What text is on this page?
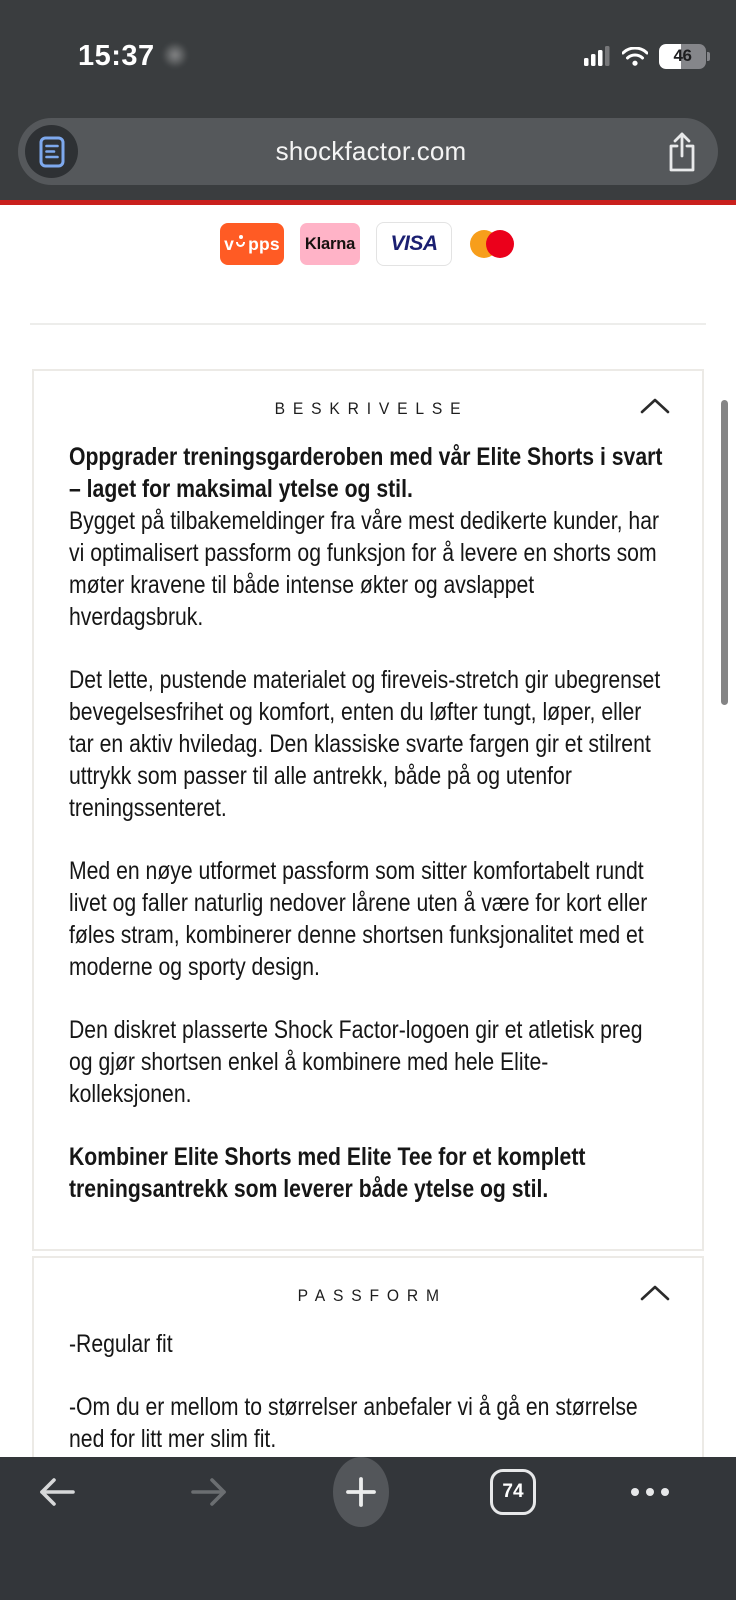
15:37	46
shockfactor.com
v pps Klarna VISA
BESKRIVELSE

Oppgrader treningsgarderoben med vår Elite Shorts i svart – laget for maksimal ytelse og stil.

Bygget på tilbakemeldinger fra våre mest dedikerte kunder, har vi optimalisert passform og funksjon for å levere en shorts som møter kravene til både intense økter og avslappet hverdagsbruk.

Det lette, pustende materialet og fireveis-stretch gir ubegrenset bevegelsesfrihet og komfort, enten du løfter tungt, løper, eller tar en aktiv hviledag. Den klassiske svarte fargen gir et stilrent uttrykk som passer til alle antrekk, både på og utenfor treningssenteret.

Med en nøye utformet passform som sitter komfortabelt rundt livet og faller naturlig nedover lårene uten å være for kort eller føles stram, kombinerer denne shortsen funksjonalitet med et moderne og sporty design.

Den diskret plasserte Shock Factor-logoen gir et atletisk preg og gjør shortsen enkel å kombinere med hele Elite-kolleksjonen.

Kombiner Elite Shorts med Elite Tee for et komplett treningsantrekk som leverer både ytelse og stil.

PASSFORM

-Regular fit

-Om du er mellom to størrelser anbefaler vi å gå en størrelse ned for litt mer slim fit.

74
